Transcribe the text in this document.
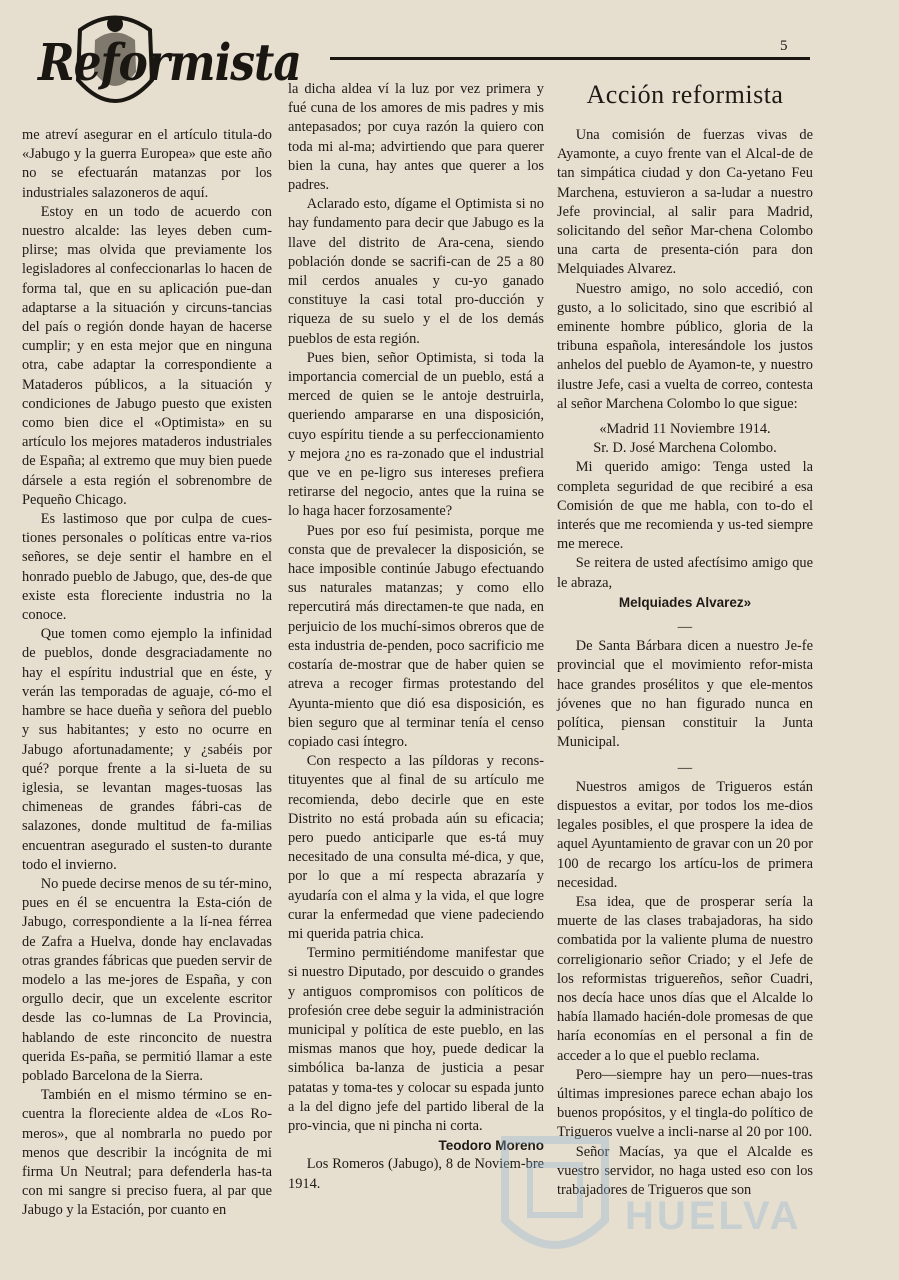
Reformista	5

me atreví asegurar en el artículo titula-do «Jabugo y la guerra Europea» que este año no se efectuarán matanzas por los industriales salazoneros de aquí.

Estoy en un todo de acuerdo con nuestro alcalde: las leyes deben cum-plirse; mas olvida que previamente los legisladores al confeccionarlas lo hacen de forma tal, que en su aplicación pue-dan adaptarse a la situación y circuns-tancias del país o región donde hayan de hacerse cumplir; y en esta mejor que en ninguna otra, cabe adaptar la correspondiente a Mataderos públicos, a la situación y condiciones de Jabugo puesto que existen como bien dice el «Optimista» en su artículo los mejores mataderos industriales de España; al extremo que muy bien puede dársele a esta región el sobrenombre de Pequeño Chicago.

Es lastimoso que por culpa de cues-tiones personales o políticas entre va-rios señores, se deje sentir el hambre en el honrado pueblo de Jabugo, que, des-de que existe esta floreciente industria no la conoce.

Que tomen como ejemplo la infinidad de pueblos, donde desgraciadamente no hay el espíritu industrial que en éste, y verán las temporadas de aguaje, có-mo el hambre se hace dueña y señora del pueblo y sus habitantes; y esto no ocurre en Jabugo afortunadamente; y ¿sabéis por qué? porque frente a la si-lueta de su iglesia, se levantan mages-tuosas las chimeneas de grandes fábri-cas de salazones, donde multitud de fa-milias encuentran asegurado el susten-to durante todo el invierno.

No puede decirse menos de su tér-mino, pues en él se encuentra la Esta-ción de Jabugo, correspondiente a la lí-nea férrea de Zafra a Huelva, donde hay enclavadas otras grandes fábricas que pueden servir de modelo a las me-jores de España, y con orgullo decir, que un excelente escritor desde las co-lumnas de La Provincia, hablando de este rinconcito de nuestra querida Es-paña, se permitió llamar a este poblado Barcelona de la Sierra.

También en el mismo término se en-cuentra la floreciente aldea de «Los Ro-meros», que al nombrarla no puedo por menos que describir la incógnita de mi firma Un Neutral; para defenderla has-ta con mi sangre si preciso fuera, al par que Jabugo y la Estación, por cuanto en

la dicha aldea ví la luz por vez primera y fué cuna de los amores de mis padres y mis antepasados; por cuya razón la quiero con toda mi al-ma; advirtiendo que para querer bien la cuna, hay antes que querer a los padres.

Aclarado esto, dígame el Optimista si no hay fundamento para decir que Jabugo es la llave del distrito de Ara-cena, siendo población donde se sacrifi-can de 25 a 80 mil cerdos anuales y cu-yo ganado constituye la casi total pro-ducción y riqueza de su suelo y el de los demás pueblos de esta región.

Pues bien, señor Optimista, si toda la importancia comercial de un pueblo, está a merced de quien se le antoje destruirla, queriendo ampararse en una disposición, cuyo espíritu tiende a su perfeccionamiento y mejora ¿no es ra-zonado que el industrial que ve en pe-ligro sus intereses prefiera retirarse del negocio, antes que la ruina se lo haga hacer forzosamente?

Pues por eso fuí pesimista, porque me consta que de prevalecer la disposición, se hace imposible continúe Jabugo efectuando sus naturales matanzas; y como ello repercutirá más directamen-te que nada, en perjuicio de los muchí-simos obreros que de esta industria de-penden, poco sacrificio me costaría de-mostrar que de haber quien se atreva a recoger firmas protestando del Ayunta-miento que dió esa disposición, es bien seguro que al terminar tenía el censo copiado casi íntegro.

Con respecto a las píldoras y recons-tituyentes que al final de su artículo me recomienda, debo decirle que en este Distrito no está probada aún su eficacia; pero puedo anticiparle que es-tá muy necesitado de una consulta mé-dica, y que, por lo que a mí respecta abrazaría y ayudaría con el alma y la vida, el que logre curar la enfermedad que viene padeciendo mi querida patria chica.

Termino permitiéndome manifestar que si nuestro Diputado, por descuido o grandes y antiguos compromisos con políticos de profesión cree debe seguir la administración municipal y política de este pueblo, en las mismas manos que hoy, puede dedicar la simbólica ba-lanza de justicia a pesar patatas y toma-tes y colocar su espada junto a la del digno jefe del partido liberal de la pro-vincia, que ni pincha ni corta.

Teodoro Moreno

Los Romeros (Jabugo), 8 de Noviem-bre 1914.

Acción reformista

Una comisión de fuerzas vivas de Ayamonte, a cuyo frente van el Alcal-de de tan simpática ciudad y don Ca-yetano Feu Marchena, estuvieron a sa-ludar a nuestro Jefe provincial, al salir para Madrid, solicitando del señor Mar-chena Colombo una carta de presenta-ción para don Melquiades Alvarez.

Nuestro amigo, no solo accedió, con gusto, a lo solicitado, sino que escribió al eminente hombre público, gloria de la tribuna española, interesándole los justos anhelos del pueblo de Ayamon-te, y nuestro ilustre Jefe, casi a vuelta de correo, contesta al señor Marchena Colombo lo que sigue:

«Madrid 11 Noviembre 1914.

Sr. D. José Marchena Colombo.

Mi querido amigo: Tenga usted la completa seguridad de que recibiré a esa Comisión de que me habla, con to-do el interés que me recomienda y us-ted siempre me merece.

Se reitera de usted afectísimo amigo que le abraza,

Melquiades Alvarez»

—

De Santa Bárbara dicen a nuestro Je-fe provincial que el movimiento refor-mista hace grandes prosélitos y que ele-mentos jóvenes que no han figurado nunca en política, piensan constituir la Junta Municipal.

—

Nuestros amigos de Trigueros están dispuestos a evitar, por todos los me-dios legales posibles, el que prospere la idea de aquel Ayuntamiento de gravar con un 20 por 100 de recargo los artícu-los de primera necesidad.

Esa idea, que de prosperar sería la muerte de las clases trabajadoras, ha sido combatida por la valiente pluma de nuestro correligionario señor Criado; y el Jefe de los reformistas triguereños, señor Cuadri, nos decía hace unos días que el Alcalde lo había llamado hacién-dole promesas de que haría economías en el personal a fin de acceder a lo que el pueblo reclama.

Pero—siempre hay un pero—nues-tras últimas impresiones parece echan abajo los buenos propósitos, y el tingla-do político de Trigueros vuelve a incli-narse al 20 por 100.

Señor Macías, ya que el Alcalde es vuestro servidor, no haga usted eso con los trabajadores de Trigueros que son

HUELVA
